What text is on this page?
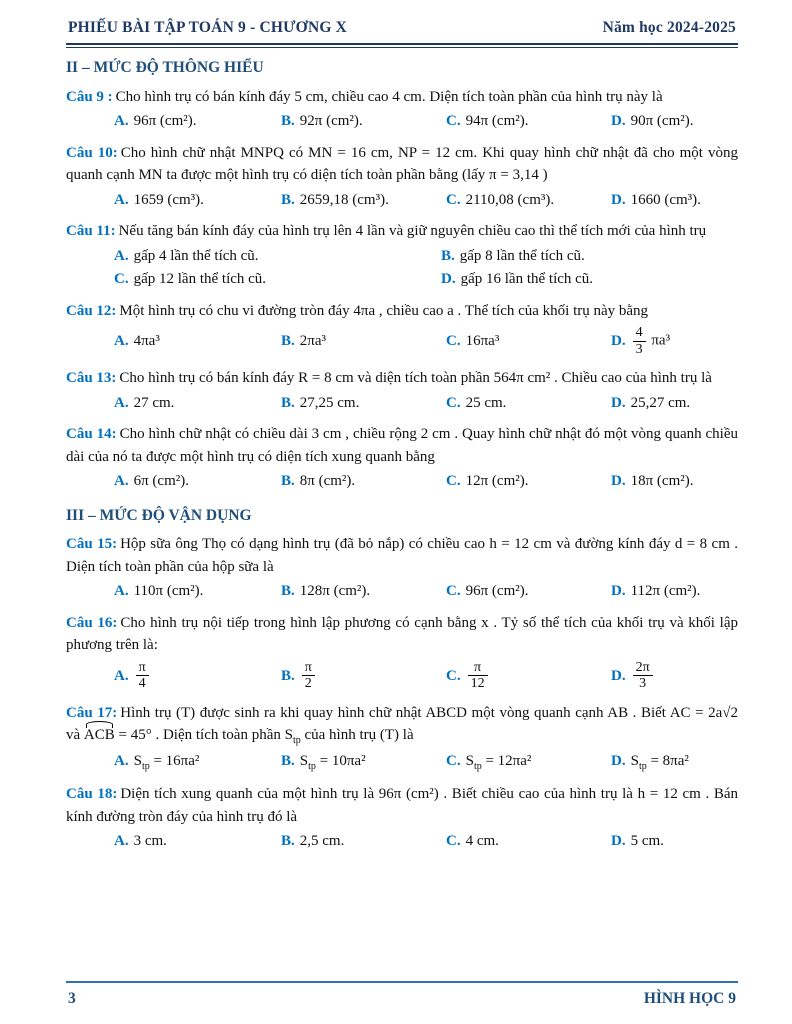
PHIẾU BÀI TẬP TOÁN 9 - CHƯƠNG X	Năm học 2024-2025
II – MỨC ĐỘ THÔNG HIỂU

Câu 9 : Cho hình trụ có bán kính đáy 5 cm, chiều cao 4 cm. Diện tích toàn phần của hình trụ này là

A. 96π (cm²).	B. 92π (cm²).	C. 94π (cm²).	D. 90π (cm²).

Câu 10: Cho hình chữ nhật MNPQ có MN = 16 cm, NP = 12 cm. Khi quay hình chữ nhật đã cho một vòng quanh cạnh MN ta được một hình trụ có diện tích toàn phần bằng (lấy π = 3,14 )

A. 1659 (cm³).	B. 2659,18 (cm³).	C. 2110,08 (cm³).	D. 1660 (cm³).

Câu 11: Nếu tăng bán kính đáy của hình trụ lên 4 lần và giữ nguyên chiều cao thì thể tích mới của hình trụ

A. gấp 4 lần thể tích cũ.	B. gấp 8 lần thể tích cũ.
C. gấp 12 lần thể tích cũ.	D. gấp 16 lần thể tích cũ.

Câu 12: Một hình trụ có chu vi đường tròn đáy 4πa , chiều cao a . Thể tích của khối trụ này bằng

A. 4πa³	B. 2πa³	C. 16πa³	D. $\frac{4}{3} \pi a^3$

Câu 13: Cho hình trụ có bán kính đáy R = 8 cm và diện tích toàn phần 564π cm² . Chiều cao của hình trụ là

A. 27 cm.	B. 27,25 cm.	C. 25 cm.	D. 25,27 cm.

Câu 14: Cho hình chữ nhật có chiều dài 3 cm , chiều rộng 2 cm . Quay hình chữ nhật đó một vòng quanh chiều dài của nó ta được một hình trụ có diện tích xung quanh bằng

A. 6π (cm²).	B. 8π (cm²).	C. 12π (cm²).	D. 18π (cm²).
III – MỨC ĐỘ VẬN DỤNG

Câu 15: Hộp sữa ông Thọ có dạng hình trụ (đã bỏ nắp) có chiều cao h = 12 cm và đường kính đáy d = 8 cm . Diện tích toàn phần của hộp sữa là

A. 110π (cm²).	B. 128π (cm²).	C. 96π (cm²).	D. 112π (cm²).

Câu 16: Cho hình trụ nội tiếp trong hình lập phương có cạnh bằng x . Tỷ số thể tích của khối trụ và khối lập phương trên là:

A. $\frac{\pi}{4}$	B. $\frac{\pi}{2}$	C. $\frac{\pi}{12}$	D. $\frac{2\pi}{3}$

Câu 17: Hình trụ (T) được sinh ra khi quay hình chữ nhật ABCD một vòng quanh cạnh AB . Biết AC = 2a√2 và ACB = 45° . Diện tích toàn phần $S_{tp}$ của hình trụ (T) là

A. $S_{tp} = 16\pi a^2$	B. $S_{tp} = 10\pi a^2$	C. $S_{tp} = 12\pi a^2$	D. $S_{tp} = 8\pi a^2$

Câu 18: Diện tích xung quanh của một hình trụ là 96π (cm²) . Biết chiều cao của hình trụ là h = 12 cm . Bán kính đường tròn đáy của hình trụ đó là

A. 3 cm.	B. 2,5 cm.	C. 4 cm.	D. 5 cm.
3	HÌNH HỌC 9
